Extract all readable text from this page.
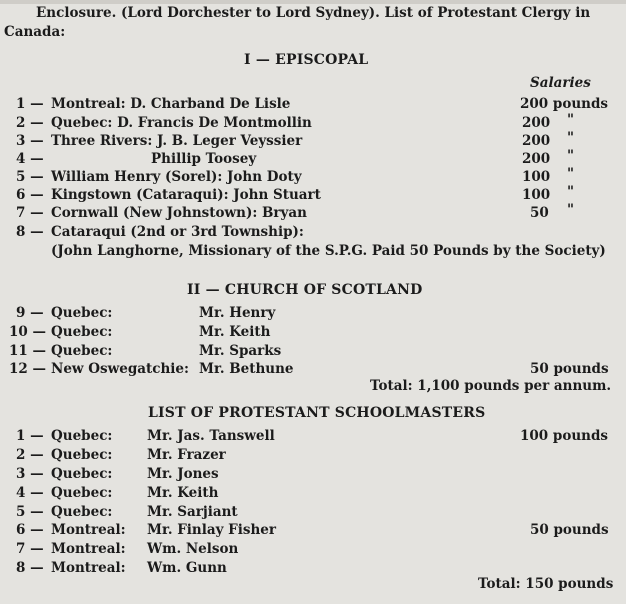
Enclosure. (Lord Dorchester to Lord Sydney). List of Protestant Clergy in
Canada:
I — EPISCOPAL
Salaries
1 — Montreal: D. Charband De Lisle	200 pounds
2 — Quebec: D. Francis De Montmollin	200 "
3 — Three Rivers: J. B. Leger Veyssier	200 "
4 —	Phillip Toosey	200 "
5 — William Henry (Sorel): John Doty	100 "
6 — Kingstown (Cataraqui): John Stuart	100 "
7 — Cornwall (New Johnstown): Bryan	50 "
8 — Cataraqui (2nd or 3rd Township):
(John Langhorne, Missionary of the S.P.G. Paid 50 Pounds by the Society)
II — CHURCH OF SCOTLAND
9 — Quebec:	Mr. Henry
10 — Quebec:	Mr. Keith
11 — Quebec:	Mr. Sparks
12 — New Oswegatchie: Mr. Bethune	50 pounds
Total: 1,100 pounds per annum.
LIST OF PROTESTANT SCHOOLMASTERS
1 — Quebec:	Mr. Jas. Tanswell	100 pounds
2 — Quebec:	Mr. Frazer
3 — Quebec:	Mr. Jones
4 — Quebec:	Mr. Keith
5 — Quebec:	Mr. Sarjiant
6 — Montreal: Mr. Finlay Fisher	50 pounds
7 — Montreal: Wm. Nelson
8 — Montreal: Wm. Gunn
Total: 150 pounds
